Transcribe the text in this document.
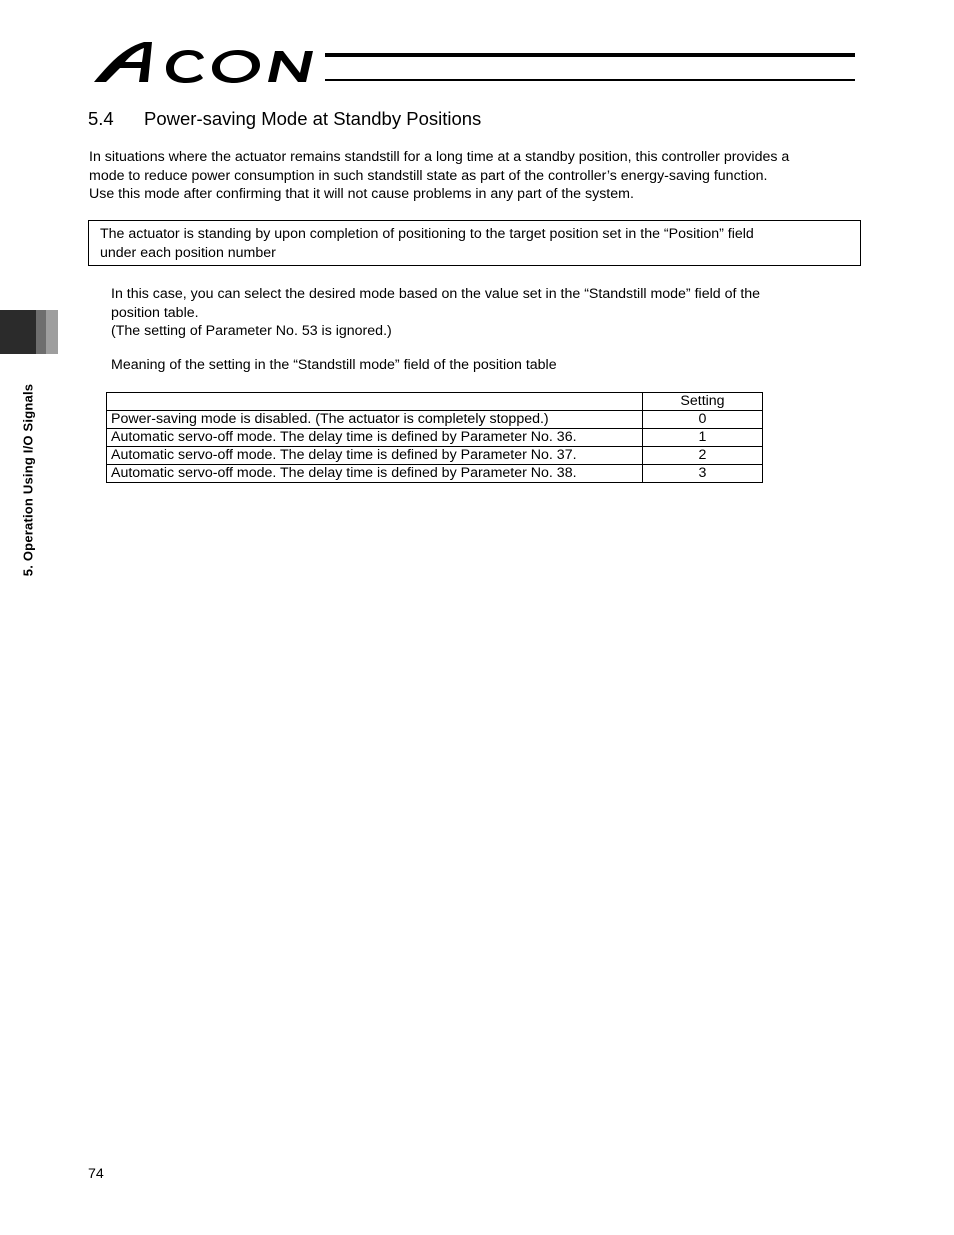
5. Operation Using I/O Signals
5.4 Power-saving Mode at Standby Positions
In situations where the actuator remains standstill for a long time at a standby position, this controller provides a
mode to reduce power consumption in such standstill state as part of the controller’s energy-saving function.
Use this mode after confirming that it will not cause problems in any part of the system.
The actuator is standing by upon completion of positioning to the target position set in the “Position” field
under each position number
In this case, you can select the desired mode based on the value set in the “Standstill mode” field of the
position table.
(The setting of Parameter No. 53 is ignored.)
Meaning of the setting in the “Standstill mode” field of the position table
	Setting
Power-saving mode is disabled. (The actuator is completely stopped.)	0
Automatic servo-off mode. The delay time is defined by Parameter No. 36.	1
Automatic servo-off mode. The delay time is defined by Parameter No. 37.	2
Automatic servo-off mode. The delay time is defined by Parameter No. 38.	3
74
